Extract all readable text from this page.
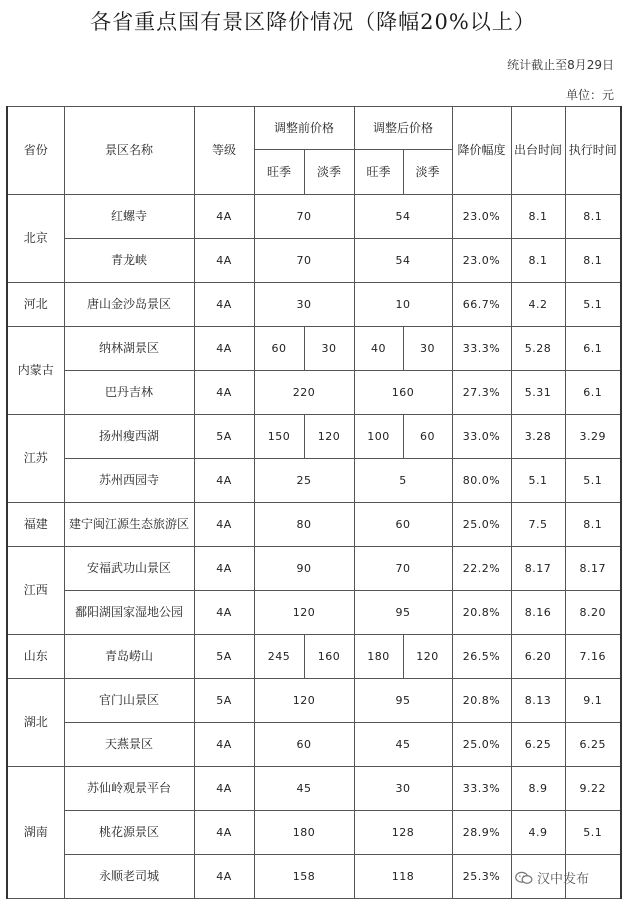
各省重点国有景区降价情况（降幅20%以上）
统计截止至8月29日
单位：元
省份	景区名称	等级	调整前价格		调整后价格		降价幅度	出台时间	执行时间
			旺季	淡季	旺季	淡季			
北京	红螺寺	4A	70		54		23.0%	8.1	8.1
	青龙峡	4A	70		54		23.0%	8.1	8.1
河北	唐山金沙岛景区	4A	30		10		66.7%	4.2	5.1
内蒙古	纳林湖景区	4A	60	30	40	30	33.3%	5.28	6.1
	巴丹吉林	4A	220		160		27.3%	5.31	6.1
江苏	扬州瘦西湖	5A	150	120	100	60	33.0%	3.28	3.29
	苏州西园寺	4A	25		5		80.0%	5.1	5.1
福建	建宁闽江源生态旅游区	4A	80		60		25.0%	7.5	8.1
江西	安福武功山景区	4A	90		70		22.2%	8.17	8.17
	鄱阳湖国家湿地公园	4A	120		95		20.8%	8.16	8.20
山东	青岛崂山	5A	245	160	180	120	26.5%	6.20	7.16
湖北	官门山景区	5A	120		95		20.8%	8.13	9.1
	天燕景区	4A	60		45		25.0%	6.25	6.25
湖南	苏仙岭观景平台	4A	45		30		33.3%	8.9	9.22
	桃花源景区	4A	180		128		28.9%	4.9	5.1
	永顺老司城	4A	158		118		25.3%			汉中发布
